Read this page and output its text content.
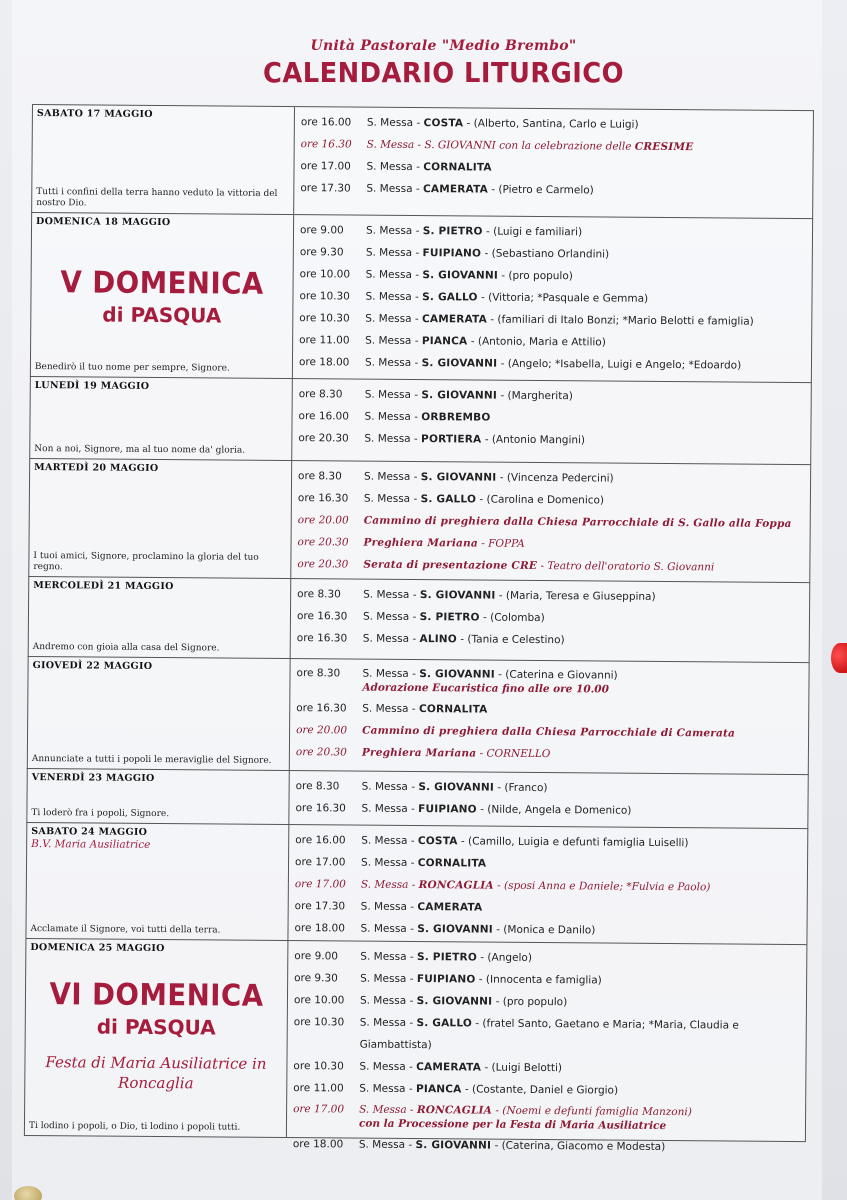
Unità Pastorale "Medio Brembo"
CALENDARIO LITURGICO
SABATO 17 MAGGIO
Tutti i confini della terra hanno veduto la vittoria del nostro Dio.
ore 16.00	S. Messa - COSTA - (Alberto, Santina, Carlo e Luigi)
ore 16.30	S. Messa - S. GIOVANNI con la celebrazione delle CRESIME
ore 17.00	S. Messa - CORNALITA
ore 17.30	S. Messa - CAMERATA - (Pietro e Carmelo)
DOMENICA 18 MAGGIO
V DOMENICA
di PASQUA
Benedirò il tuo nome per sempre, Signore.
ore 9.00	S. Messa - S. PIETRO - (Luigi e familiari)
ore 9.30	S. Messa - FUIPIANO - (Sebastiano Orlandini)
ore 10.00	S. Messa - S. GIOVANNI - (pro populo)
ore 10.30	S. Messa - S. GALLO - (Vittoria; *Pasquale e Gemma)
ore 10.30	S. Messa - CAMERATA - (familiari di Italo Bonzi; *Mario Belotti e famiglia)
ore 11.00	S. Messa - PIANCA - (Antonio, Maria e Attilio)
ore 18.00	S. Messa - S. GIOVANNI - (Angelo; *Isabella, Luigi e Angelo; *Edoardo)
LUNEDÌ 19 MAGGIO
Non a noi, Signore, ma al tuo nome da' gloria.
ore 8.30	S. Messa - S. GIOVANNI - (Margherita)
ore 16.00	S. Messa - ORBREMBO
ore 20.30	S. Messa - PORTIERA - (Antonio Mangini)
MARTEDÌ 20 MAGGIO
I tuoi amici, Signore, proclamino la gloria del tuo regno.
ore 8.30	S. Messa - S. GIOVANNI - (Vincenza Pedercini)
ore 16.30	S. Messa - S. GALLO - (Carolina e Domenico)
ore 20.00	Cammino di preghiera dalla Chiesa Parrocchiale di S. Gallo alla Foppa
ore 20.30	Preghiera Mariana - FOPPA
ore 20.30	Serata di presentazione CRE - Teatro dell'oratorio S. Giovanni
MERCOLEDÌ 21 MAGGIO
Andremo con gioia alla casa del Signore.
ore 8.30	S. Messa - S. GIOVANNI - (Maria, Teresa e Giuseppina)
ore 16.30	S. Messa - S. PIETRO - (Colomba)
ore 16.30	S. Messa - ALINO - (Tania e Celestino)
GIOVEDÌ 22 MAGGIO
Annunciate a tutti i popoli le meraviglie del Signore.
ore 8.30	S. Messa - S. GIOVANNI - (Caterina e Giovanni)
Adorazione Eucaristica fino alle ore 10.00
ore 16.30	S. Messa - CORNALITA
ore 20.00	Cammino di preghiera dalla Chiesa Parrocchiale di Camerata
ore 20.30	Preghiera Mariana - CORNELLO
VENERDÌ 23 MAGGIO
Ti loderò fra i popoli, Signore.
ore 8.30	S. Messa - S. GIOVANNI - (Franco)
ore 16.30	S. Messa - FUIPIANO - (Nilde, Angela e Domenico)
SABATO 24 MAGGIO
B.V. Maria Ausiliatrice
Acclamate il Signore, voi tutti della terra.
ore 16.00	S. Messa - COSTA - (Camillo, Luigia e defunti famiglia Luiselli)
ore 17.00	S. Messa - CORNALITA
ore 17.00	S. Messa - RONCAGLIA - (sposi Anna e Daniele; *Fulvia e Paolo)
ore 17.30	S. Messa - CAMERATA
ore 18.00	S. Messa - S. GIOVANNI - (Monica e Danilo)
DOMENICA 25 MAGGIO
VI DOMENICA
di PASQUA
Festa di Maria Ausiliatrice in Roncaglia
Ti lodino i popoli, o Dio, ti lodino i popoli tutti.
ore 9.00	S. Messa - S. PIETRO - (Angelo)
ore 9.30	S. Messa - FUIPIANO - (Innocenta e famiglia)
ore 10.00	S. Messa - S. GIOVANNI - (pro populo)
ore 10.30	S. Messa - S. GALLO - (fratel Santo, Gaetano e Maria; *Maria, Claudia e Giambattista)
ore 10.30	S. Messa - CAMERATA - (Luigi Belotti)
ore 11.00	S. Messa - PIANCA - (Costante, Daniel e Giorgio)
ore 17.00	S. Messa - RONCAGLIA - (Noemi e defunti famiglia Manzoni)
con la Processione per la Festa di Maria Ausiliatrice
ore 18.00	S. Messa - S. GIOVANNI - (Caterina, Giacomo e Modesta)
